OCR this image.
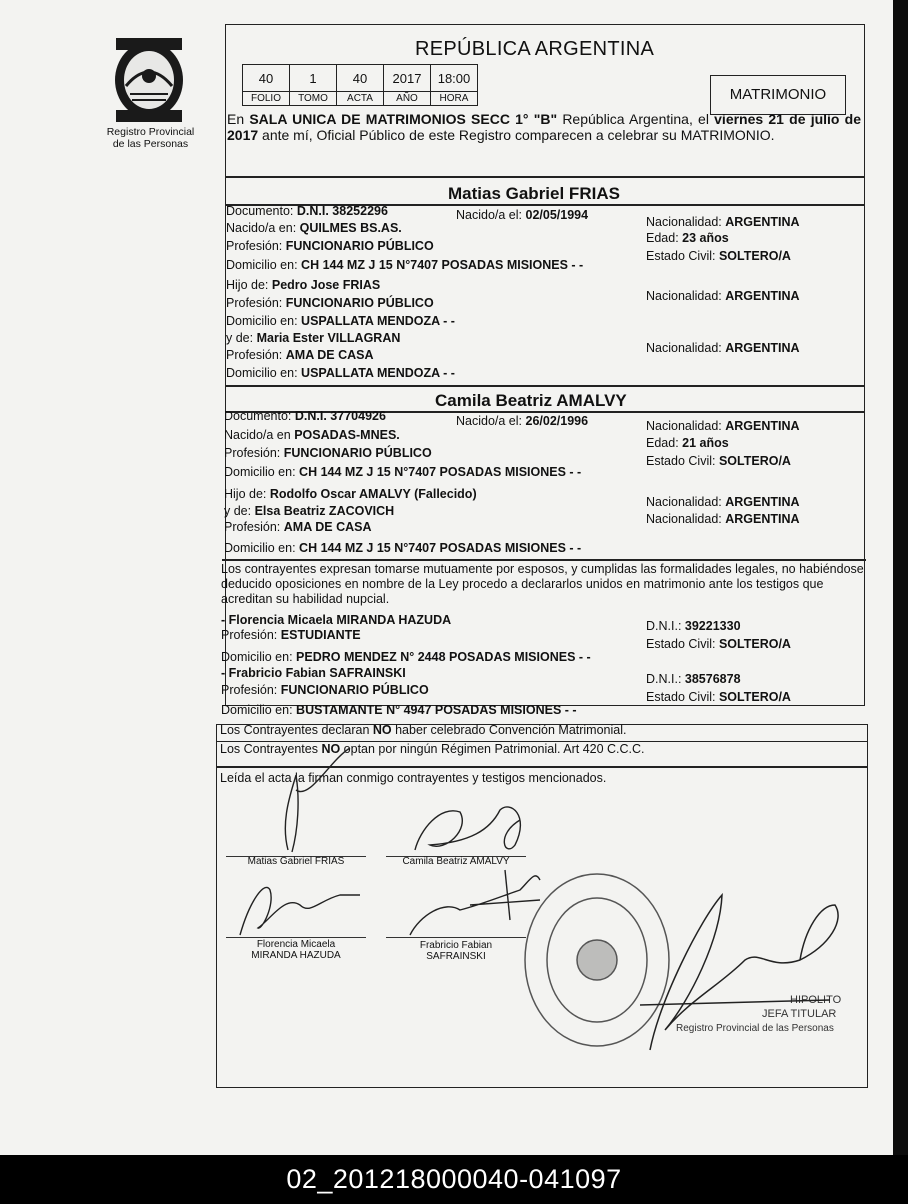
Registro Provincial
de las Personas
REPÚBLICA ARGENTINA
40	1	40	2017	18:00
FOLIO	TOMO	ACTA	AÑO	HORA	MATRIMONIO
En SALA UNICA DE MATRIMONIOS SECC 1° "B" República Argentina, el viernes 21 de julio de 2017 ante mí, Oficial Público de este Registro comparecen a celebrar su MATRIMONIO.
Matias Gabriel FRIAS
Documento: D.N.I. 38252296	Nacido/a el: 02/05/1994	Nacionalidad: ARGENTINA
Nacido/a en: QUILMES BS.AS.
Edad: 23 años
Profesión: FUNCIONARIO PÚBLICO
Estado Civil: SOLTERO/A
Domicilio en: CH 144 MZ J 15 N°7407 POSADAS MISIONES - -
Hijo de: Pedro Jose FRIAS
Nacionalidad: ARGENTINA
Profesión: FUNCIONARIO PÚBLICO
Domicilio en: USPALLATA MENDOZA - -
y de: Maria Ester VILLAGRAN
Nacionalidad: ARGENTINA
Profesión: AMA DE CASA
Domicilio en: USPALLATA MENDOZA - -
Camila Beatriz AMALVY
Documento: D.N.I. 37704926	Nacido/a el: 26/02/1996	Nacionalidad: ARGENTINA
Nacido/a en POSADAS-MNES.
Edad: 21 años
Profesión: FUNCIONARIO PÚBLICO
Estado Civil: SOLTERO/A
Domicilio en: CH 144 MZ J 15 N°7407 POSADAS MISIONES - -
Hijo de: Rodolfo Oscar AMALVY (Fallecido)
Nacionalidad: ARGENTINA
y de: Elsa Beatriz ZACOVICH
Nacionalidad: ARGENTINA
Profesión: AMA DE CASA
Domicilio en: CH 144 MZ J 15 N°7407 POSADAS MISIONES - -
Los contrayentes expresan tomarse mutuamente por esposos, y cumplidas las formalidades legales, no habiéndose deducido oposiciones en nombre de la Ley procedo a declararlos unidos en matrimonio ante los testigos que acreditan su habilidad nupcial.
- Florencia Micaela MIRANDA HAZUDA	D.N.I.: 39221330
Profesión: ESTUDIANTE
Estado Civil: SOLTERO/A
Domicilio en: PEDRO MENDEZ N° 2448 POSADAS MISIONES - -
- Frabricio Fabian SAFRAINSKI	D.N.I.: 38576878
Profesión: FUNCIONARIO PÚBLICO	Estado Civil: SOLTERO/A
Domicilio en: BUSTAMANTE N° 4947 POSADAS MISIONES - -
Los Contrayentes declaran NO haber celebrado Convención Matrimonial.
Los Contrayentes NO optan por ningún Régimen Patrimonial. Art 420 C.C.C.
Leída el acta la firman conmigo contrayentes y testigos mencionados.
Matias Gabriel FRIAS	Camila Beatriz AMALVY
Florencia Micaela
MIRANDA HAZUDA
Frabricio Fabian
SAFRAINSKI
HIPOLITO
JEFA TITULAR
Registro Provincial de las Personas
02_201218000040-041097
